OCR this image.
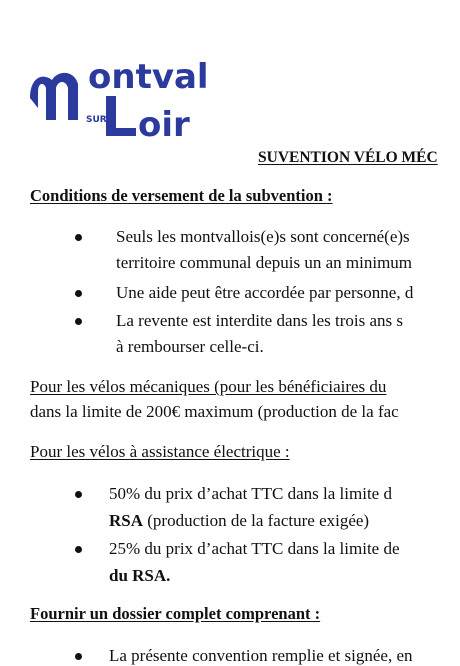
ontval
oir
SUR
SUVENTION VÉLO MÉC
Conditions de versement de la subvention :
Seuls les montvallois(e)s sont concerné(e)s
territoire communal depuis un an minimum
Une aide peut être accordée par personne, d
La revente est interdite dans les trois ans s
à rembourser celle-ci.
Pour les vélos mécaniques (pour les bénéficiaires du
dans la limite de 200€ maximum (production de la fac
Pour les vélos à assistance électrique :
50% du prix d’achat TTC dans la limite d
RSA (production de la facture exigée)
25% du prix d’achat TTC dans la limite de
du RSA.
Fournir un dossier complet comprenant :
La présente convention remplie et signée, en
